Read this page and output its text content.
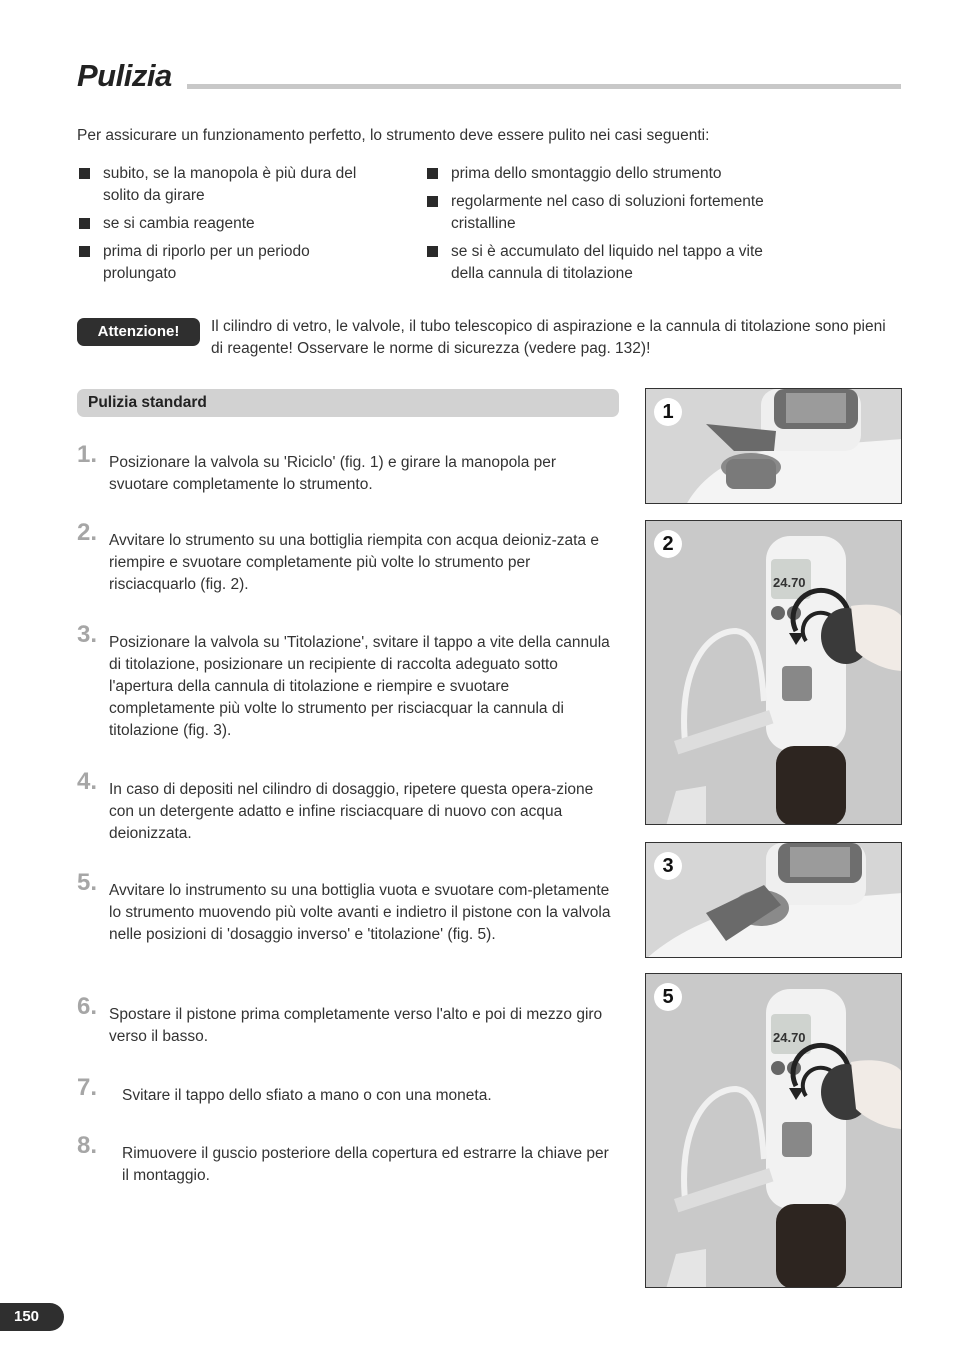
Pulizia
Per assicurare un funzionamento perfetto, lo strumento deve essere pulito nei casi seguenti:
subito, se la manopola è più dura del solito da girare
se si cambia reagente
prima di riporlo per un periodo prolungato
prima dello smontaggio dello strumento
regolarmente nel caso di soluzioni fortemente cristalline
se si è accumulato del liquido nel tappo a vite della cannula di titolazione
Attenzione!	Il cilindro di vetro, le valvole, il tubo telescopico di aspirazione e la cannula di titolazione sono pieni di reagente! Osservare le norme di sicurezza (vedere pag. 132)!
Pulizia standard
1. Posizionare la valvola su 'Riciclo' (fig. 1) e girare la manopola per svuotare completamente lo strumento.
2. Avvitare lo strumento su una bottiglia riempita con acqua deioniz-zata e riempire e svuotare completamente più volte lo strumento per risciacquarlo (fig. 2).
3. Posizionare la valvola su 'Titolazione', svitare il tappo a vite della cannula di titolazione, posizionare un recipiente di raccolta adeguato sotto l'apertura della cannula di titolazione e riempire e svuotare completamente più volte lo strumento per risciacquar la cannula di titolazione (fig. 3).
4. In caso di depositi nel cilindro di dosaggio, ripetere questa opera-zione con un detergente adatto e infine risciacquare di nuovo con acqua deionizzata.
5. Avvitare lo instrumento su una bottiglia vuota e svuotare com-pletamente lo strumento muovendo più volte avanti e indietro il pistone con la valvola nelle posizioni di 'dosaggio inverso' e 'titolazione' (fig. 5).
6. Spostare il pistone prima completamente verso l'alto e poi di mezzo giro verso il basso.
7. Svitare il tappo dello sfiato a mano o con una moneta.
8. Rimuovere il guscio posteriore della copertura ed estrarre la chiave per il montaggio.
1
24.70
2
3
24.70
5
150
